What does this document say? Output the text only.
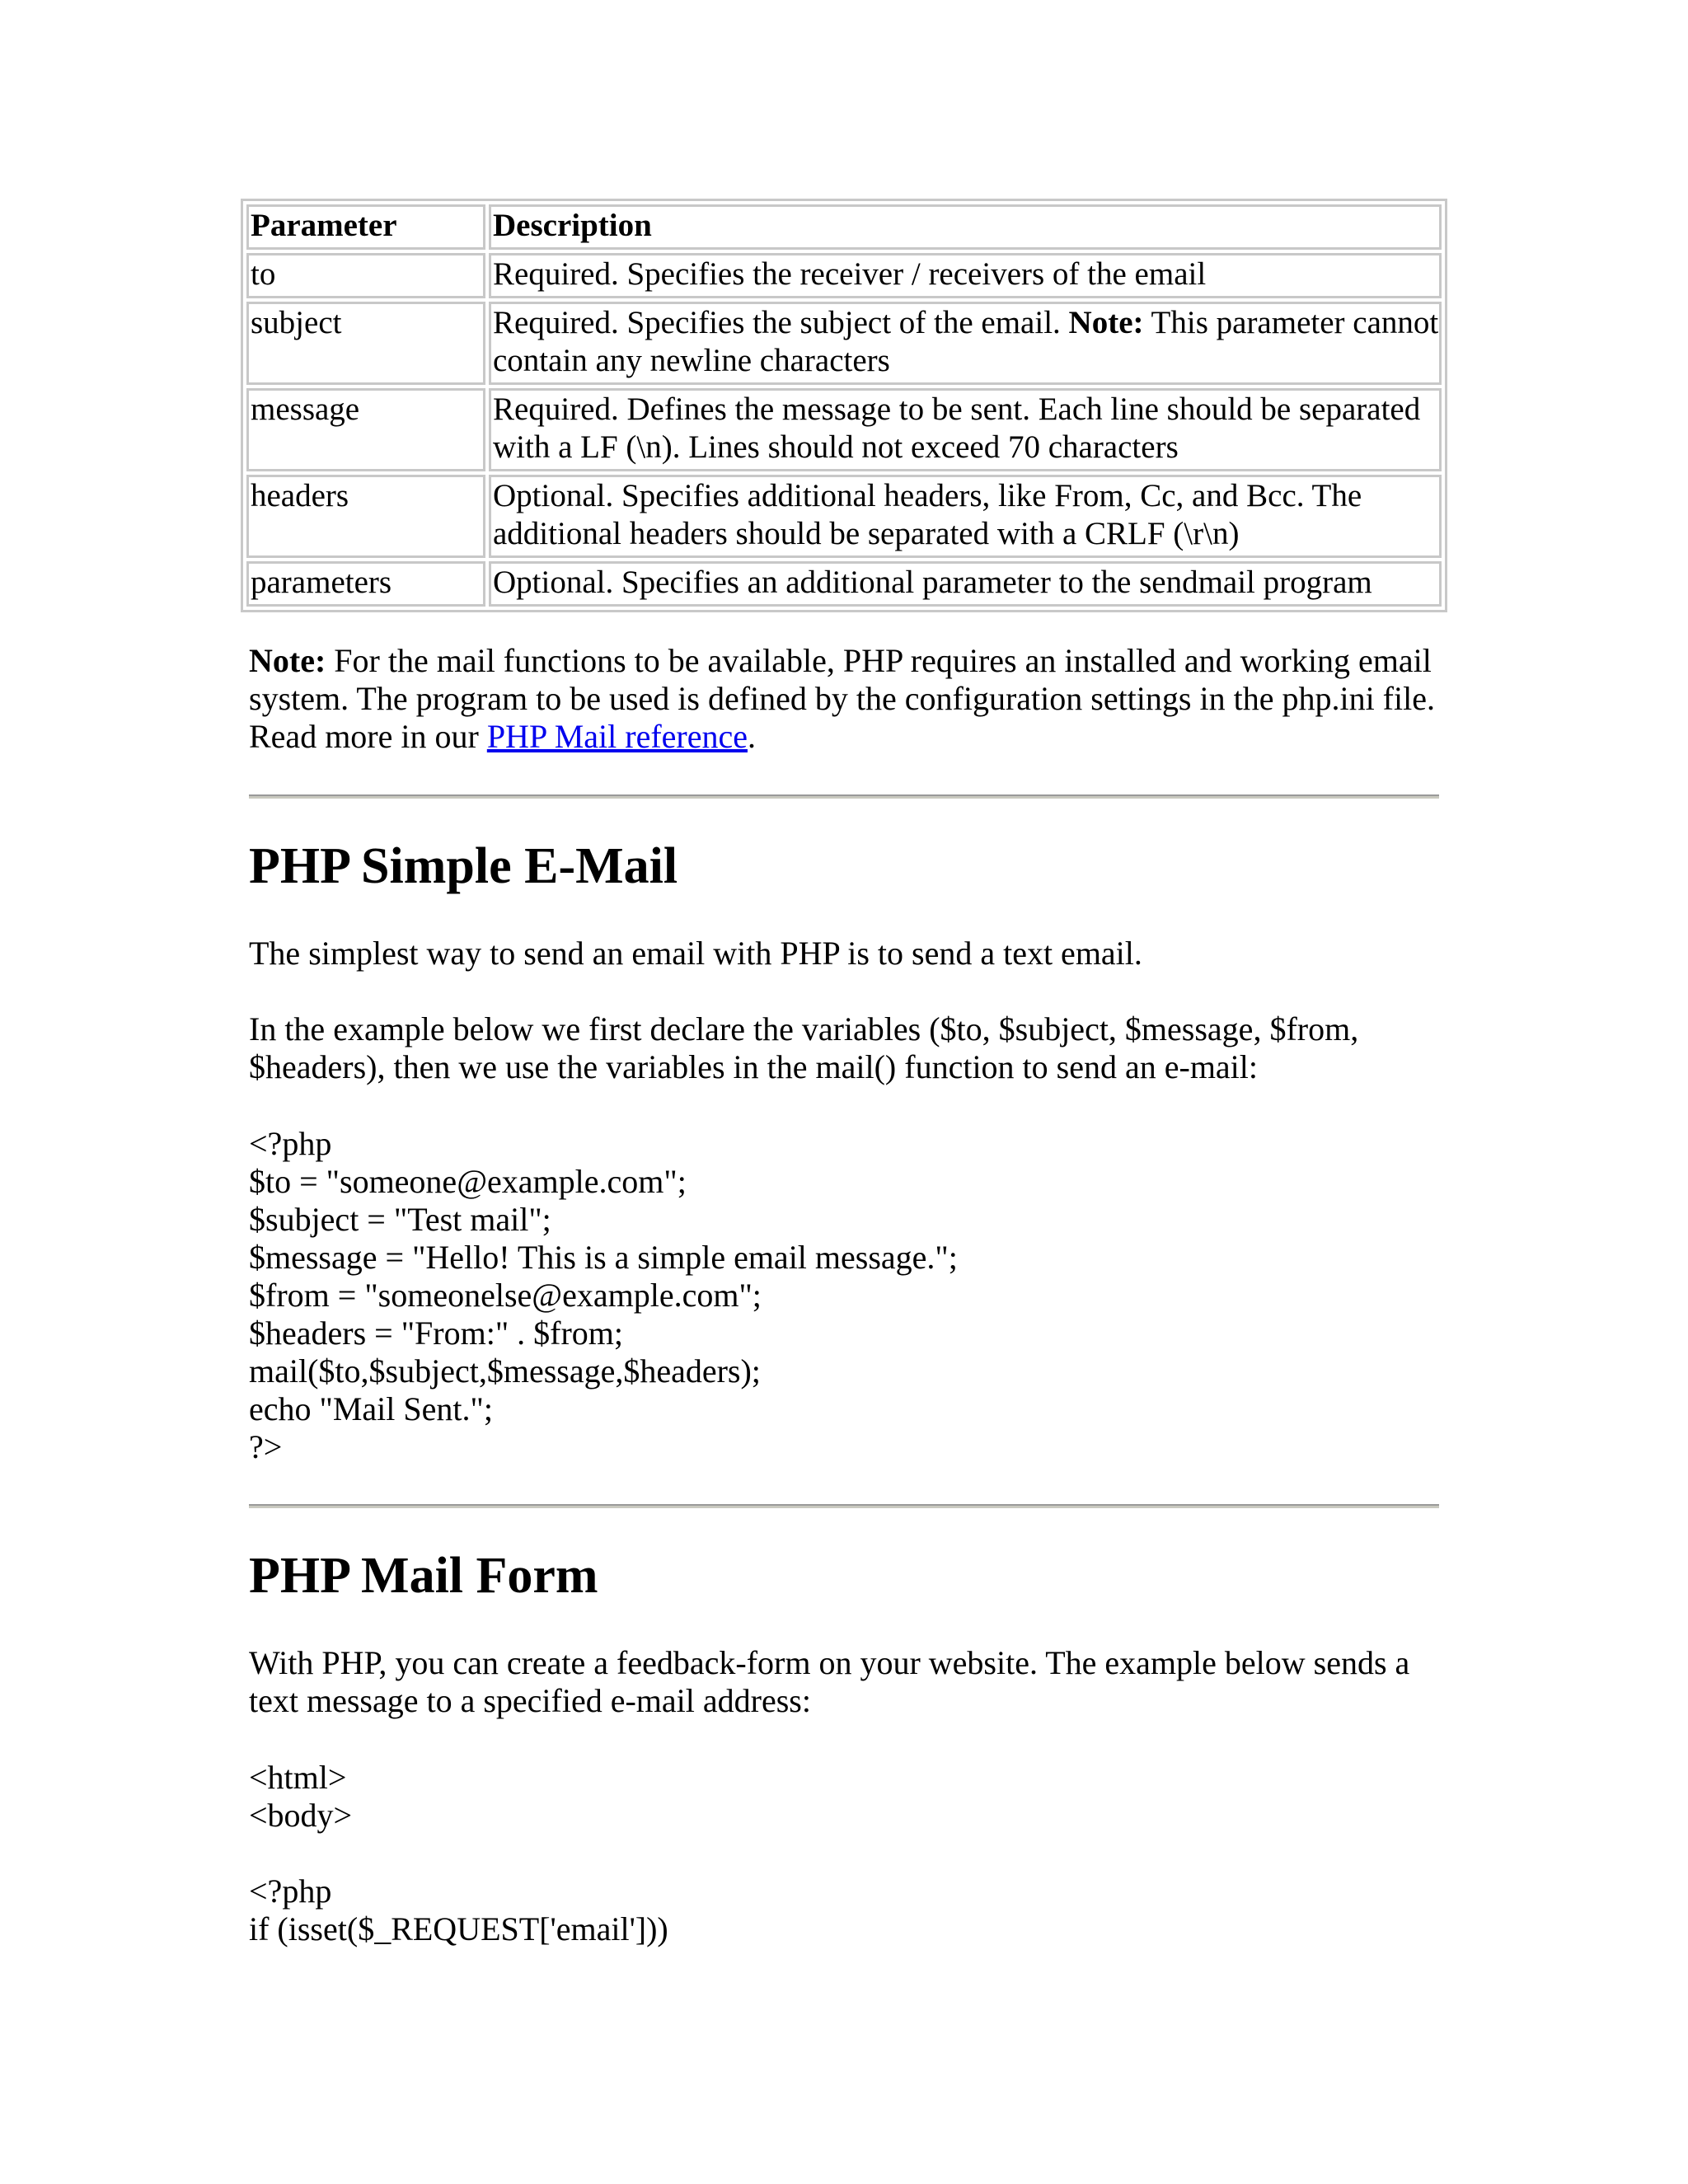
Parameter	Description
to	Required. Specifies the receiver / receivers of the email
subject	Required. Specifies the subject of the email. Note: This parameter cannot contain any newline characters
message	Required. Defines the message to be sent. Each line should be separated with a LF (\n). Lines should not exceed 70 characters
headers	Optional. Specifies additional headers, like From, Cc, and Bcc. The additional headers should be separated with a CRLF (\r\n)
parameters	Optional. Specifies an additional parameter to the sendmail program

Note: For the mail functions to be available, PHP requires an installed and working email system. The program to be used is defined by the configuration settings in the php.ini file. Read more in our PHP Mail reference.

PHP Simple E-Mail

The simplest way to send an email with PHP is to send a text email.

In the example below we first declare the variables ($to, $subject, $message, $from, $headers), then we use the variables in the mail() function to send an e-mail:

<?php
$to = "someone@example.com";
$subject = "Test mail";
$message = "Hello! This is a simple email message.";
$from = "someonelse@example.com";
$headers = "From:" . $from;
mail($to,$subject,$message,$headers);
echo "Mail Sent.";
?>
PHP Mail Form

With PHP, you can create a feedback-form on your website. The example below sends a text message to a specified e-mail address:

<html>
<body>
<?php
if (isset($_REQUEST['email']))
